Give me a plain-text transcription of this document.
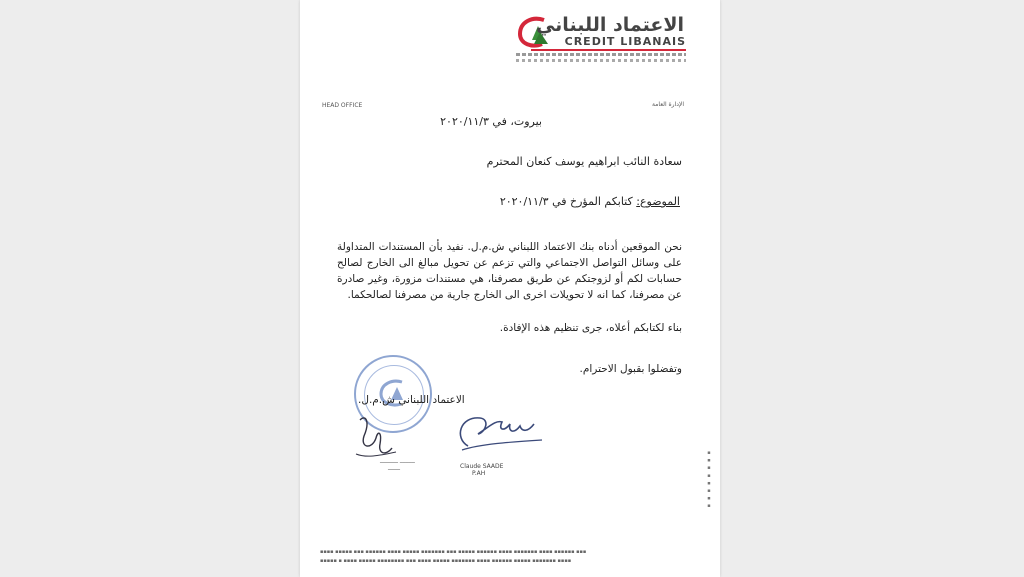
الاعتماد اللبناني
CREDIT LIBANAIS
الإدارة العامة
HEAD OFFICE
بيروت، في ٢٠٢٠/١١/٣
سعادة النائب ابراهيم يوسف كنعان المحترم
الموضوع: كتابكم المؤرخ في ٢٠٢٠/١١/٣
نحن الموقعين أدناه بنك الاعتماد اللبناني ش.م.ل. نفيد بأن المستندات المتداولة على وسائل التواصل الاجتماعي والتي تزعم عن تحويل مبالغ الى الخارج لصالح حسابات لكم أو لزوجتكم عن طريق مصرفنا، هي مستندات مزورة، وغير صادرة عن مصرفنا، كما انه لا تحويلات اخرى الى الخارج جارية من مصرفنا لصالحكما.
بناء لكتابكم أعلاه، جرى تنظيم هذه الإفادة.
وتفضلوا بقبول الاحترام.
الاعتماد اللبناني ش.م.ل.
______ _____
____	Claude SAADE
P.AH	▪ ▪ ▪ ▪ ▪ ▪ ▪ ▪
▪▪▪▪ ▪▪▪▪▪ ▪▪▪ ▪▪▪▪▪▪ ▪▪▪▪ ▪▪▪▪▪ ▪▪▪▪▪▪▪ ▪▪▪ ▪▪▪▪▪ ▪▪▪▪▪▪ ▪▪▪▪ ▪▪▪▪▪▪▪ ▪▪▪▪ ▪▪▪▪▪▪ ▪▪▪
▪▪▪▪▪ ▪ ▪▪▪▪ ▪▪▪▪▪ ▪▪▪▪▪▪▪▪ ▪▪▪ ▪▪▪▪ ▪▪▪▪▪ ▪▪▪▪▪▪▪ ▪▪▪▪ ▪▪▪▪▪▪ ▪▪▪▪▪ ▪▪▪▪▪▪▪ ▪▪▪▪
